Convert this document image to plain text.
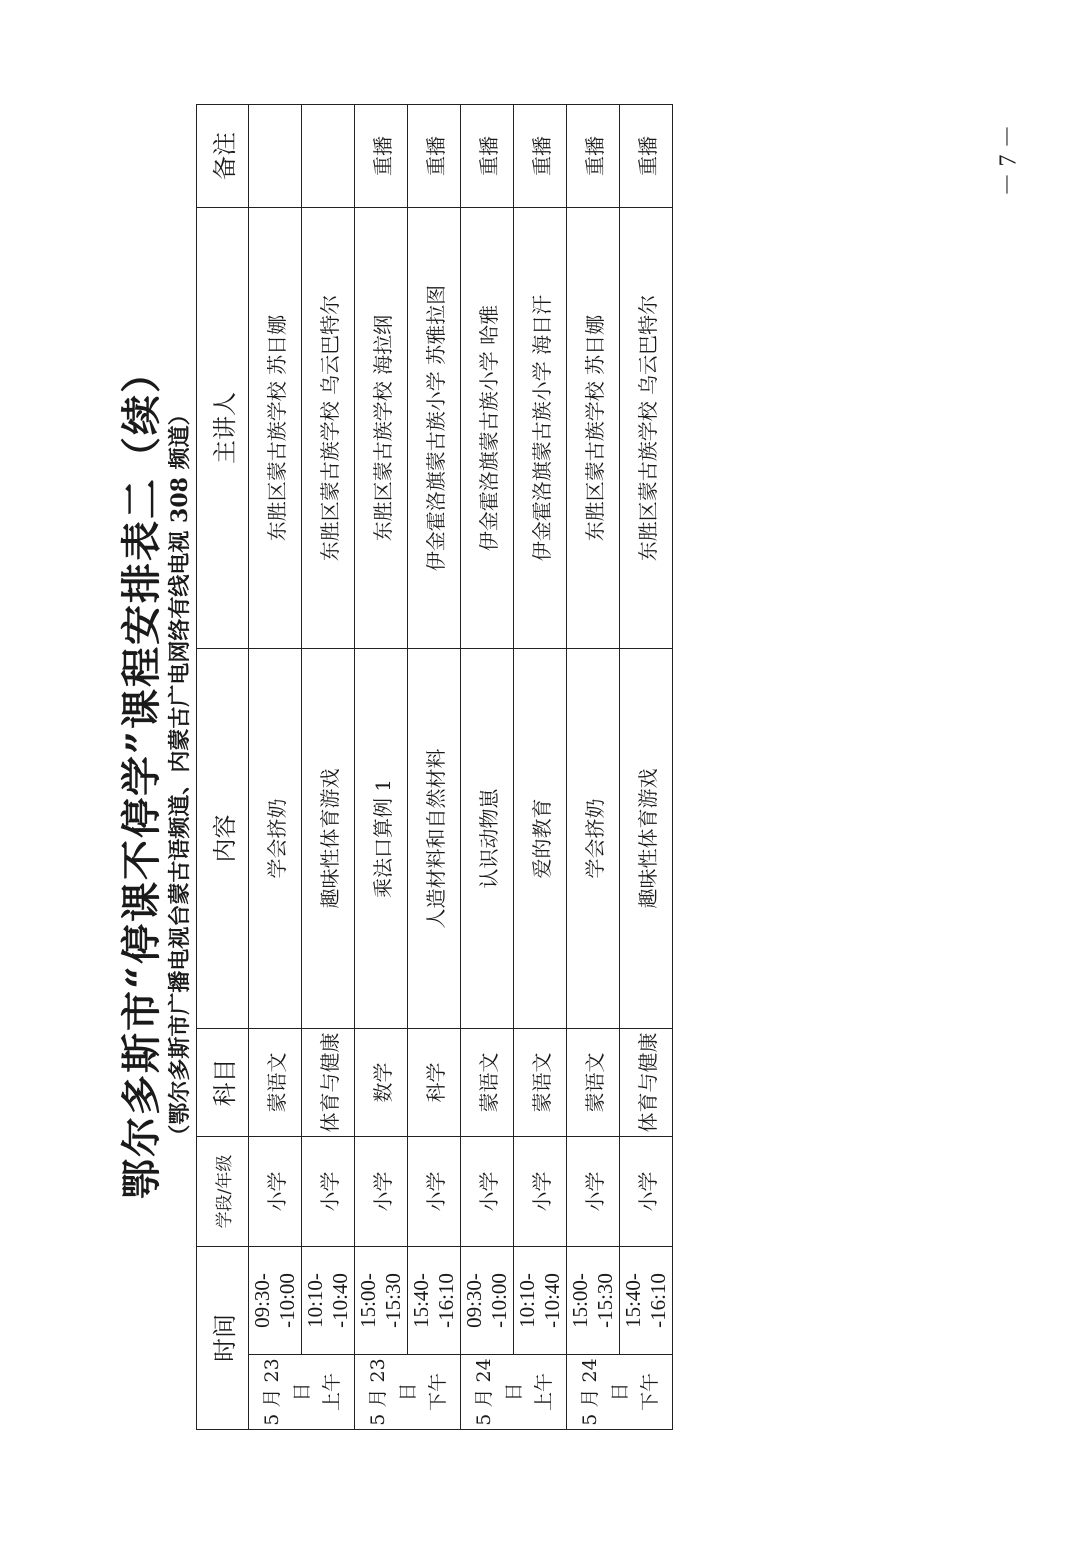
鄂尔多斯市“停课不停学”课程安排表二（续） （鄂尔多斯市广播电视台蒙古语频道、内蒙古广电网络有线电视 308 频道）
时间		学段/年级	科目	内容	主讲人	备注

5 月 23 日 上午	09:30--10:00	小学	蒙语文	学会挤奶	东胜区蒙古族学校 苏日娜	
	10:10--10:40	小学	体育与健康	趣味性体育游戏	东胜区蒙古族学校 乌云巴特尔	

5 月 23 日 下午	15:00--15:30	小学	数学	乘法口算例 1	东胜区蒙古族学校 海拉纲	重播
	15:40--16:10	小学	科学	人造材料和自然材料	伊金霍洛旗蒙古族小学 苏雅拉图	重播

5 月 24 日 上午	09:30--10:00	小学	蒙语文	认识动物崽	伊金霍洛旗蒙古族小学 哈雅	重播
	10:10--10:40	小学	蒙语文	爱的教育	伊金霍洛旗蒙古族小学 海日汗	重播

5 月 24 日 下午	15:00--15:30	小学	蒙语文	学会挤奶	东胜区蒙古族学校 苏日娜	重播
	15:40--16:10	小学	体育与健康	趣味性体育游戏	东胜区蒙古族学校 乌云巴特尔	重播	－ 7 －
